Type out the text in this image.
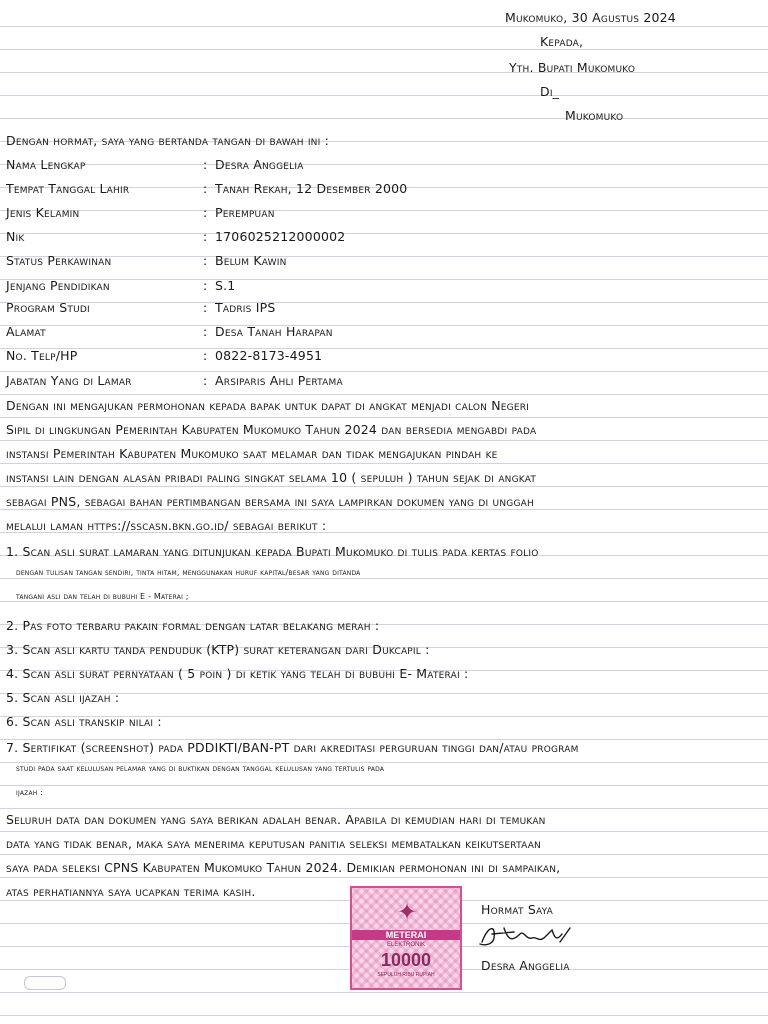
Mukomuko, 30 Agustus 2024
Kepada,
Yth. Bupati Mukomuko
Di_
Mukomuko
Dengan hormat, saya yang bertanda tangan di bawah ini :
Nama Lengkap	: Desra Anggelia
Tempat Tanggal Lahir	: Tanah Rekah, 12 Desember 2000
Jenis Kelamin	: Perempuan
Nik	: 1706025212000002
Status Perkawinan	: Belum Kawin
Jenjang Pendidikan	: S.1
Program Studi	: Tadris IPS
Alamat	: Desa Tanah Harapan
No. Telp/HP	: 0822-8173-4951
Jabatan Yang di Lamar	: Arsiparis Ahli Pertama
Dengan ini mengajukan permohonan kepada bapak untuk dapat di angkat menjadi calon Negeri
Sipil di lingkungan Pemerintah Kabupaten Mukomuko Tahun 2024 dan bersedia mengabdi pada
instansi Pemerintah Kabupaten Mukomuko saat melamar dan tidak mengajukan pindah ke
instansi lain dengan alasan pribadi paling singkat selama 10 ( sepuluh ) tahun sejak di angkat
sebagai PNS, sebagai bahan pertimbangan bersama ini saya lampirkan dokumen yang di unggah
melalui laman https://sscasn.bkn.go.id/ sebagai berikut :
1. Scan asli surat lamaran yang ditunjukan kepada Bupati Mukomuko di tulis pada kertas folio
dengan tulisan tangan sendiri, tinta hitam, menggunakan huruf kapital/besar yang ditanda
tangani asli dan telah di bubuhi E - Materai ;
2. Pas foto terbaru pakain formal dengan latar belakang merah :
3. Scan asli kartu tanda penduduk (KTP) surat keterangan dari Dukcapil :
4. Scan asli surat pernyataan ( 5 poin ) di ketik yang telah di bubuhi E- Materai :
5. Scan asli ijazah :
6. Scan asli transkip nilai :
7. Sertifikat (screenshot) pada PDDIKTI/BAN-PT dari akreditasi perguruan tinggi dan/atau program
studi pada saat kelulusan pelamar yang di buktikan dengan tanggal kelulusan yang tertulis pada
ijazah :
Seluruh data dan dokumen yang saya berikan adalah benar. Apabila di kemudian hari di temukan
data yang tidak benar, maka saya menerima keputusan panitia seleksi membatalkan keikutsertaan
saya pada seleksi CPNS Kabupaten Mukomuko Tahun 2024. Demikian permohonan ini di sampaikan,
atas perhatiannya saya ucapkan terima kasih.
✦
METERAI
ELEKTRONIK
10000
SEPULUH RIBU RUPIAH
Hormat Saya
Desra Anggelia
